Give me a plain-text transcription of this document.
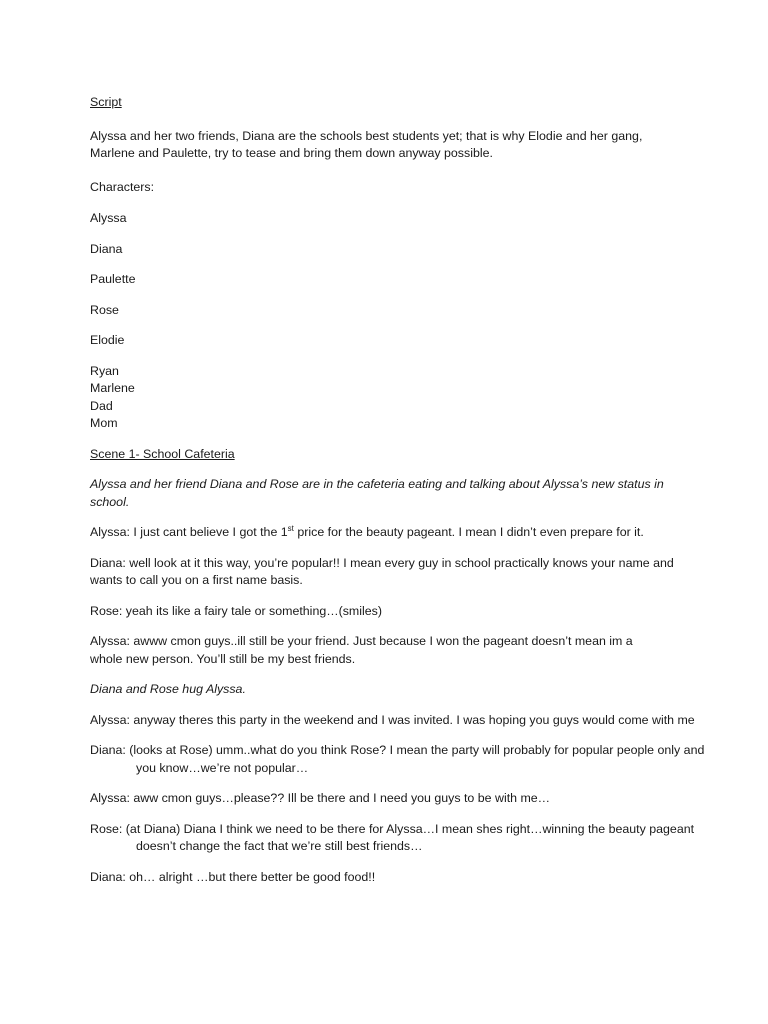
Script

Alyssa and her two friends, Diana are the schools best students yet; that is why Elodie and her gang, Marlene and Paulette, try to tease and bring them down anyway possible.

Characters:

Alyssa

Diana

Paulette

Rose

Elodie

Ryan

Marlene

Dad

Mom

Scene 1- School Cafeteria

Alyssa and her friend Diana and Rose are in the cafeteria eating and talking about Alyssa’s new status in school.

Alyssa: I just cant believe I got the 1st price for the beauty pageant. I mean I didn’t even prepare for it.

Diana: well look at it this way, you’re popular!! I mean every guy in school practically knows your name and wants to call you on a first name basis.

Rose: yeah its like a fairy tale or something…(smiles)

Alyssa: awww cmon guys..ill still be your friend. Just because I won the pageant doesn’t mean im a whole new person. You’ll still be my best friends.

Diana and Rose hug Alyssa.

Alyssa: anyway theres this party in the weekend and I was invited. I was hoping you guys would come with me

Diana: (looks at Rose) umm..what do you think Rose? I mean the party will probably for popular people only and you know…we’re not popular…

Alyssa: aww cmon guys…please?? Ill be there and I need you guys to be with me…

Rose: (at Diana) Diana I think we need to be there for Alyssa…I mean shes right…winning the beauty pageant doesn’t change the fact that we’re still best friends…

Diana: oh… alright …but there better be good food!!
